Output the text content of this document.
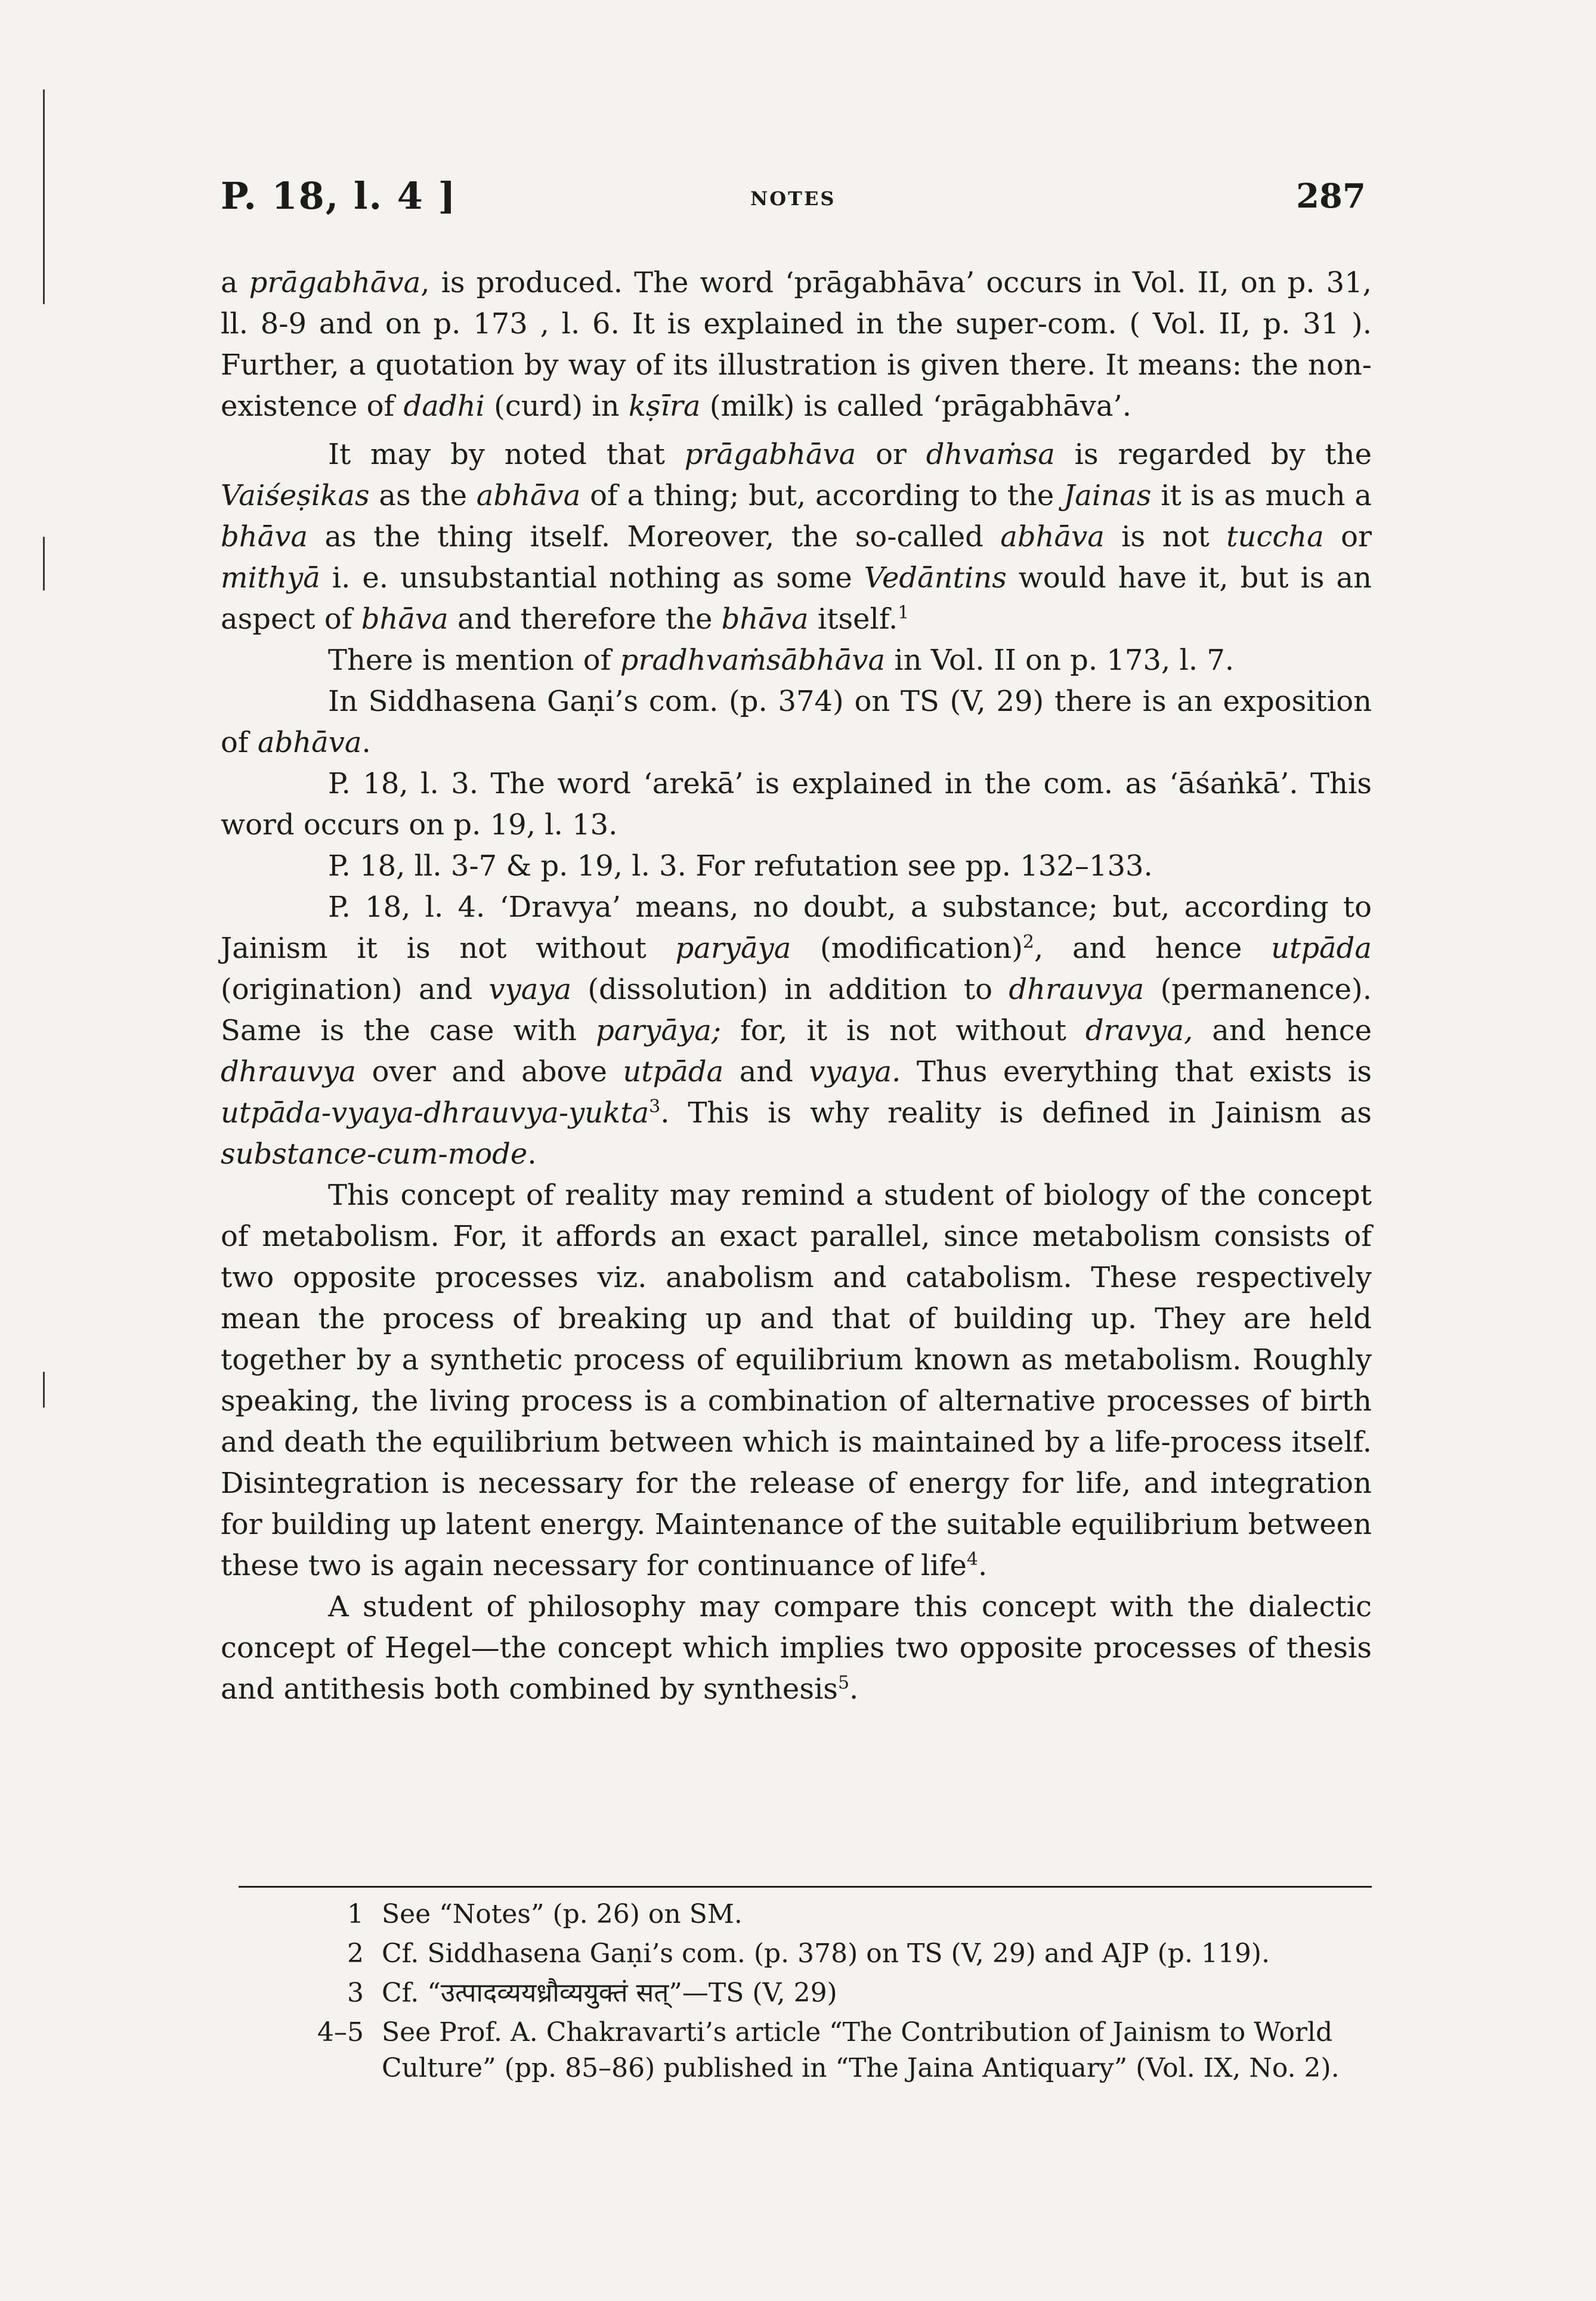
P. 18, l. 4 ]	NOTES	287

a prāgabhāva, is produced. The word ‘prāgabhāva’ occurs in Vol. II, on p. 31, ll. 8-9 and on p. 173 , l. 6. It is explained in the super-com. ( Vol. II, p. 31 ). Further, a quotation by way of its illustration is given there. It means: the non-existence of dadhi (curd) in kṣīra (milk) is called ‘prāgabhāva’.

It may by noted that prāgabhāva or dhvaṁsa is regarded by the Vaiśeṣikas as the abhāva of a thing; but, according to the Jainas it is as much a bhāva as the thing itself. Moreover, the so-called abhāva is not tuccha or mithyā i. e. unsubstantial nothing as some Vedāntins would have it, but is an aspect of bhāva and therefore the bhāva itself.$^1$

There is mention of pradhvaṁsābhāva in Vol. II on p. 173, l. 7.

In Siddhasena Gaṇi’s com. (p. 374) on TS (V, 29) there is an exposition of abhāva.

P. 18, l. 3. The word ‘arekā’ is explained in the com. as ‘āśaṅkā’. This word occurs on p. 19, l. 13.

P. 18, ll. 3-7 & p. 19, l. 3. For refutation see pp. 132–133.

P. 18, l. 4. ‘Dravya’ means, no doubt, a substance; but, according to Jainism it is not without paryāya (modification)$^2$, and hence utpāda (origination) and vyaya (dissolution) in addition to dhrauvya (permanence). Same is the case with paryāya; for, it is not without dravya, and hence dhrauvya over and above utpāda and vyaya. Thus everything that exists is utpāda-vyaya-dhrauvya-yukta$^3$. This is why reality is defined in Jainism as substance-cum-mode.

This concept of reality may remind a student of biology of the concept of metabolism. For, it affords an exact parallel, since metabolism consists of two opposite processes viz. anabolism and catabolism. These respectively mean the process of breaking up and that of building up. They are held together by a synthetic process of equilibrium known as metabolism. Roughly speaking, the living process is a combination of alternative processes of birth and death the equilibrium between which is maintained by a life-process itself. Disintegration is necessary for the release of energy for life, and integration for building up latent energy. Maintenance of the suitable equilibrium between these two is again necessary for continuance of life$^4$.

A student of philosophy may compare this concept with the dialectic concept of Hegel—the concept which implies two opposite processes of thesis and antithesis both combined by synthesis$^5$.

1 See “Notes” (p. 26) on SM.
2 Cf. Siddhasena Gaṇi’s com. (p. 378) on TS (V, 29) and AJP (p. 119).
3 Cf. “उत्पादव्ययध्रौव्ययुक्तं सत्”—TS (V, 29)
4–5 See Prof. A. Chakravarti’s article “The Contribution of Jainism to World Culture” (pp. 85–86) published in “The Jaina Antiquary” (Vol. IX, No. 2).
